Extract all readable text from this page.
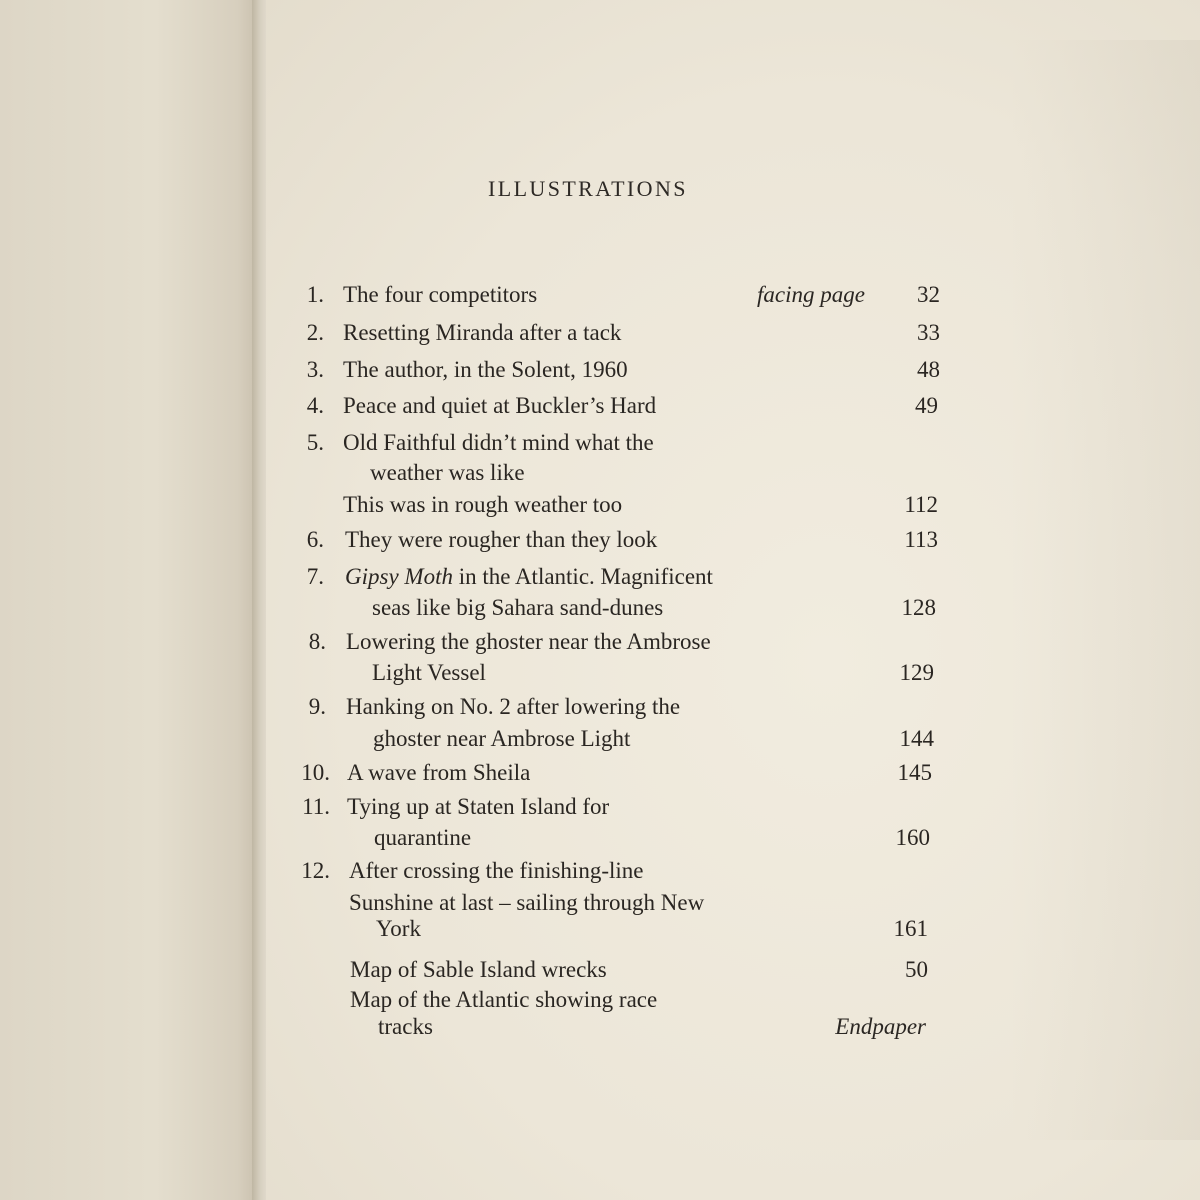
ILLUSTRATIONS
1. The four competitors	facing page	32
2. Resetting Miranda after a tack	33
3. The author, in the Solent, 1960	48
4. Peace and quiet at Buckler’s Hard	49
5. Old Faithful didn’t mind what the
weather was like
This was in rough weather too	112
6. They were rougher than they look	113
7. Gipsy Moth in the Atlantic. Magnificent
seas like big Sahara sand-dunes	128
8. Lowering the ghoster near the Ambrose
Light Vessel	129
9. Hanking on No. 2 after lowering the
ghoster near Ambrose Light	144
10. A wave from Sheila	145
11. Tying up at Staten Island for
quarantine	160
12. After crossing the finishing-line
Sunshine at last – sailing through New
York	161
Map of Sable Island wrecks	50
Map of the Atlantic showing race
tracks	Endpaper
